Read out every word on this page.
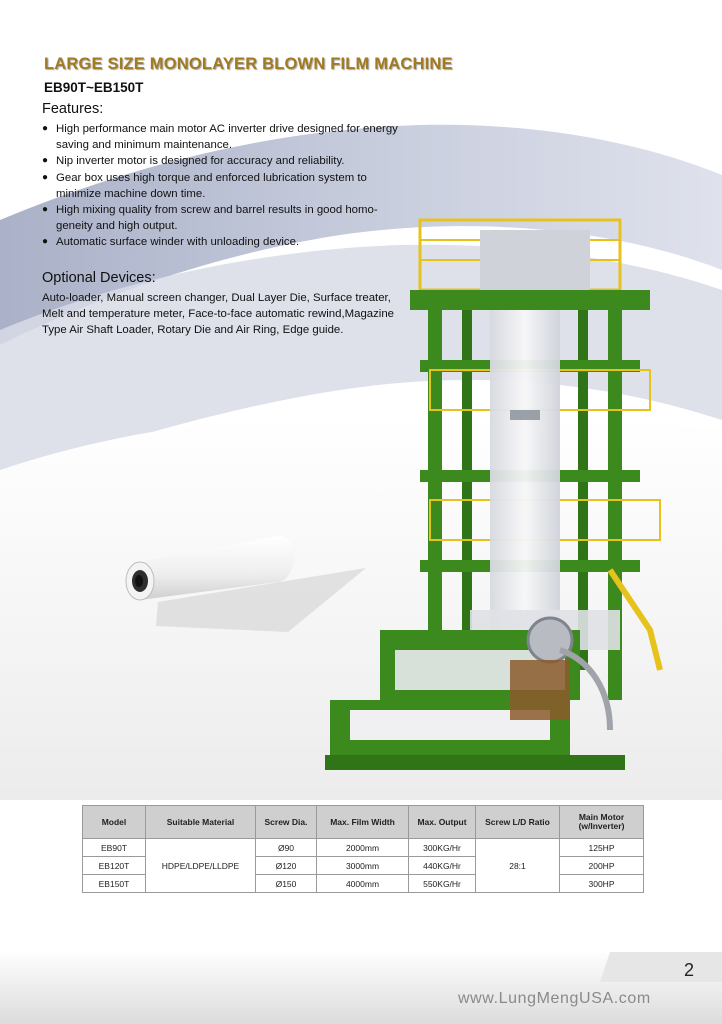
LARGE SIZE MONOLAYER BLOWN FILM MACHINE
EB90T~EB150T
Features:
● High performance main motor AC inverter drive designed for energy saving and minimum maintenance.
● Nip inverter motor is designed for accuracy and reliability.
● Gear box uses high torque and enforced lubrication system to minimize machine down time.
● High mixing quality from screw and barrel results in good homo-geneity and high output.
● Automatic surface winder with unloading device.
Optional Devices:

Auto-loader, Manual screen changer, Dual Layer Die, Surface treater, Melt and temperature meter, Face-to-face automatic rewind,Magazine Type Air Shaft Loader, Rotary Die and Air Ring, Edge guide.

Model	Suitable Material	Screw Dia.	Max. Film Width	Max. Output	Screw L/D Ratio	Main Motor
(w/Inverter)
EB90T	HDPE/LDPE/LLDPE	Ø90	2000mm	300KG/Hr	28:1	125HP
EB120T		Ø120	3000mm	440KG/Hr		200HP
EB150T		Ø150	4000mm	550KG/Hr		300HP
2
www.LungMengUSA.com
